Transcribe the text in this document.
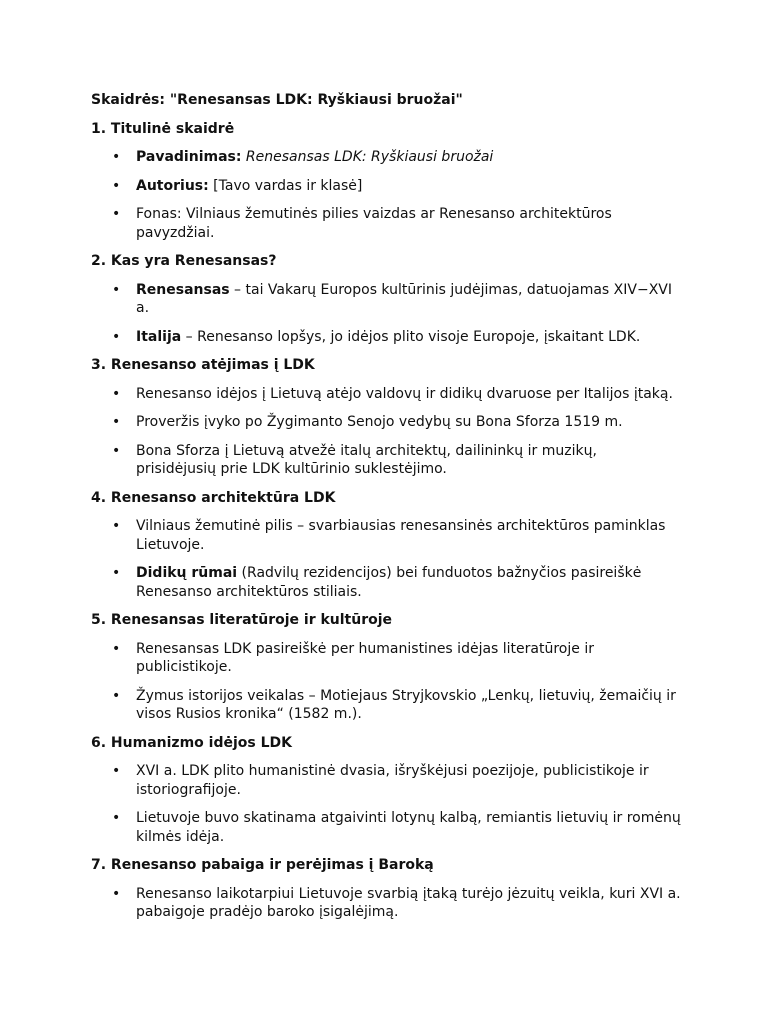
Skaidrės: "Renesansas LDK: Ryškiausi bruožai"

1. Titulinė skaidrė

• Pavadinimas: Renesansas LDK: Ryškiausi bruožai
• Autorius: [Tavo vardas ir klasė]
• Fonas: Vilniaus žemutinės pilies vaizdas ar Renesanso architektūros pavyzdžiai.

2. Kas yra Renesansas?

• Renesansas – tai Vakarų Europos kultūrinis judėjimas, datuojamas XIV−XVI a.
• Italija – Renesanso lopšys, jo idėjos plito visoje Europoje, įskaitant LDK.

3. Renesanso atėjimas į LDK

• Renesanso idėjos į Lietuvą atėjo valdovų ir didikų dvaruose per Italijos įtaką.
• Proveržis įvyko po Žygimanto Senojo vedybų su Bona Sforza 1519 m.
• Bona Sforza į Lietuvą atvežė italų architektų, dailininkų ir muzikų, prisidėjusių prie LDK kultūrinio suklestėjimo.

4. Renesanso architektūra LDK

• Vilniaus žemutinė pilis – svarbiausias renesansinės architektūros paminklas Lietuvoje.
• Didikų rūmai (Radvilų rezidencijos) bei funduotos bažnyčios pasireiškė Renesanso architektūros stiliais.

5. Renesansas literatūroje ir kultūroje

• Renesansas LDK pasireiškė per humanistines idėjas literatūroje ir publicistikoje.
• Žymus istorijos veikalas – Motiejaus Stryjkovskio „Lenkų, lietuvių, žemaičių ir visos Rusios kronika“ (1582 m.).

6. Humanizmo idėjos LDK

• XVI a. LDK plito humanistinė dvasia, išryškėjusi poezijoje, publicistikoje ir istoriografijoje.
• Lietuvoje buvo skatinama atgaivinti lotynų kalbą, remiantis lietuvių ir romėnų kilmės idėja.

7. Renesanso pabaiga ir perėjimas į Baroką

• Renesanso laikotarpiui Lietuvoje svarbią įtaką turėjo jėzuitų veikla, kuri XVI a. pabaigoje pradėjo baroko įsigalėjimą.
